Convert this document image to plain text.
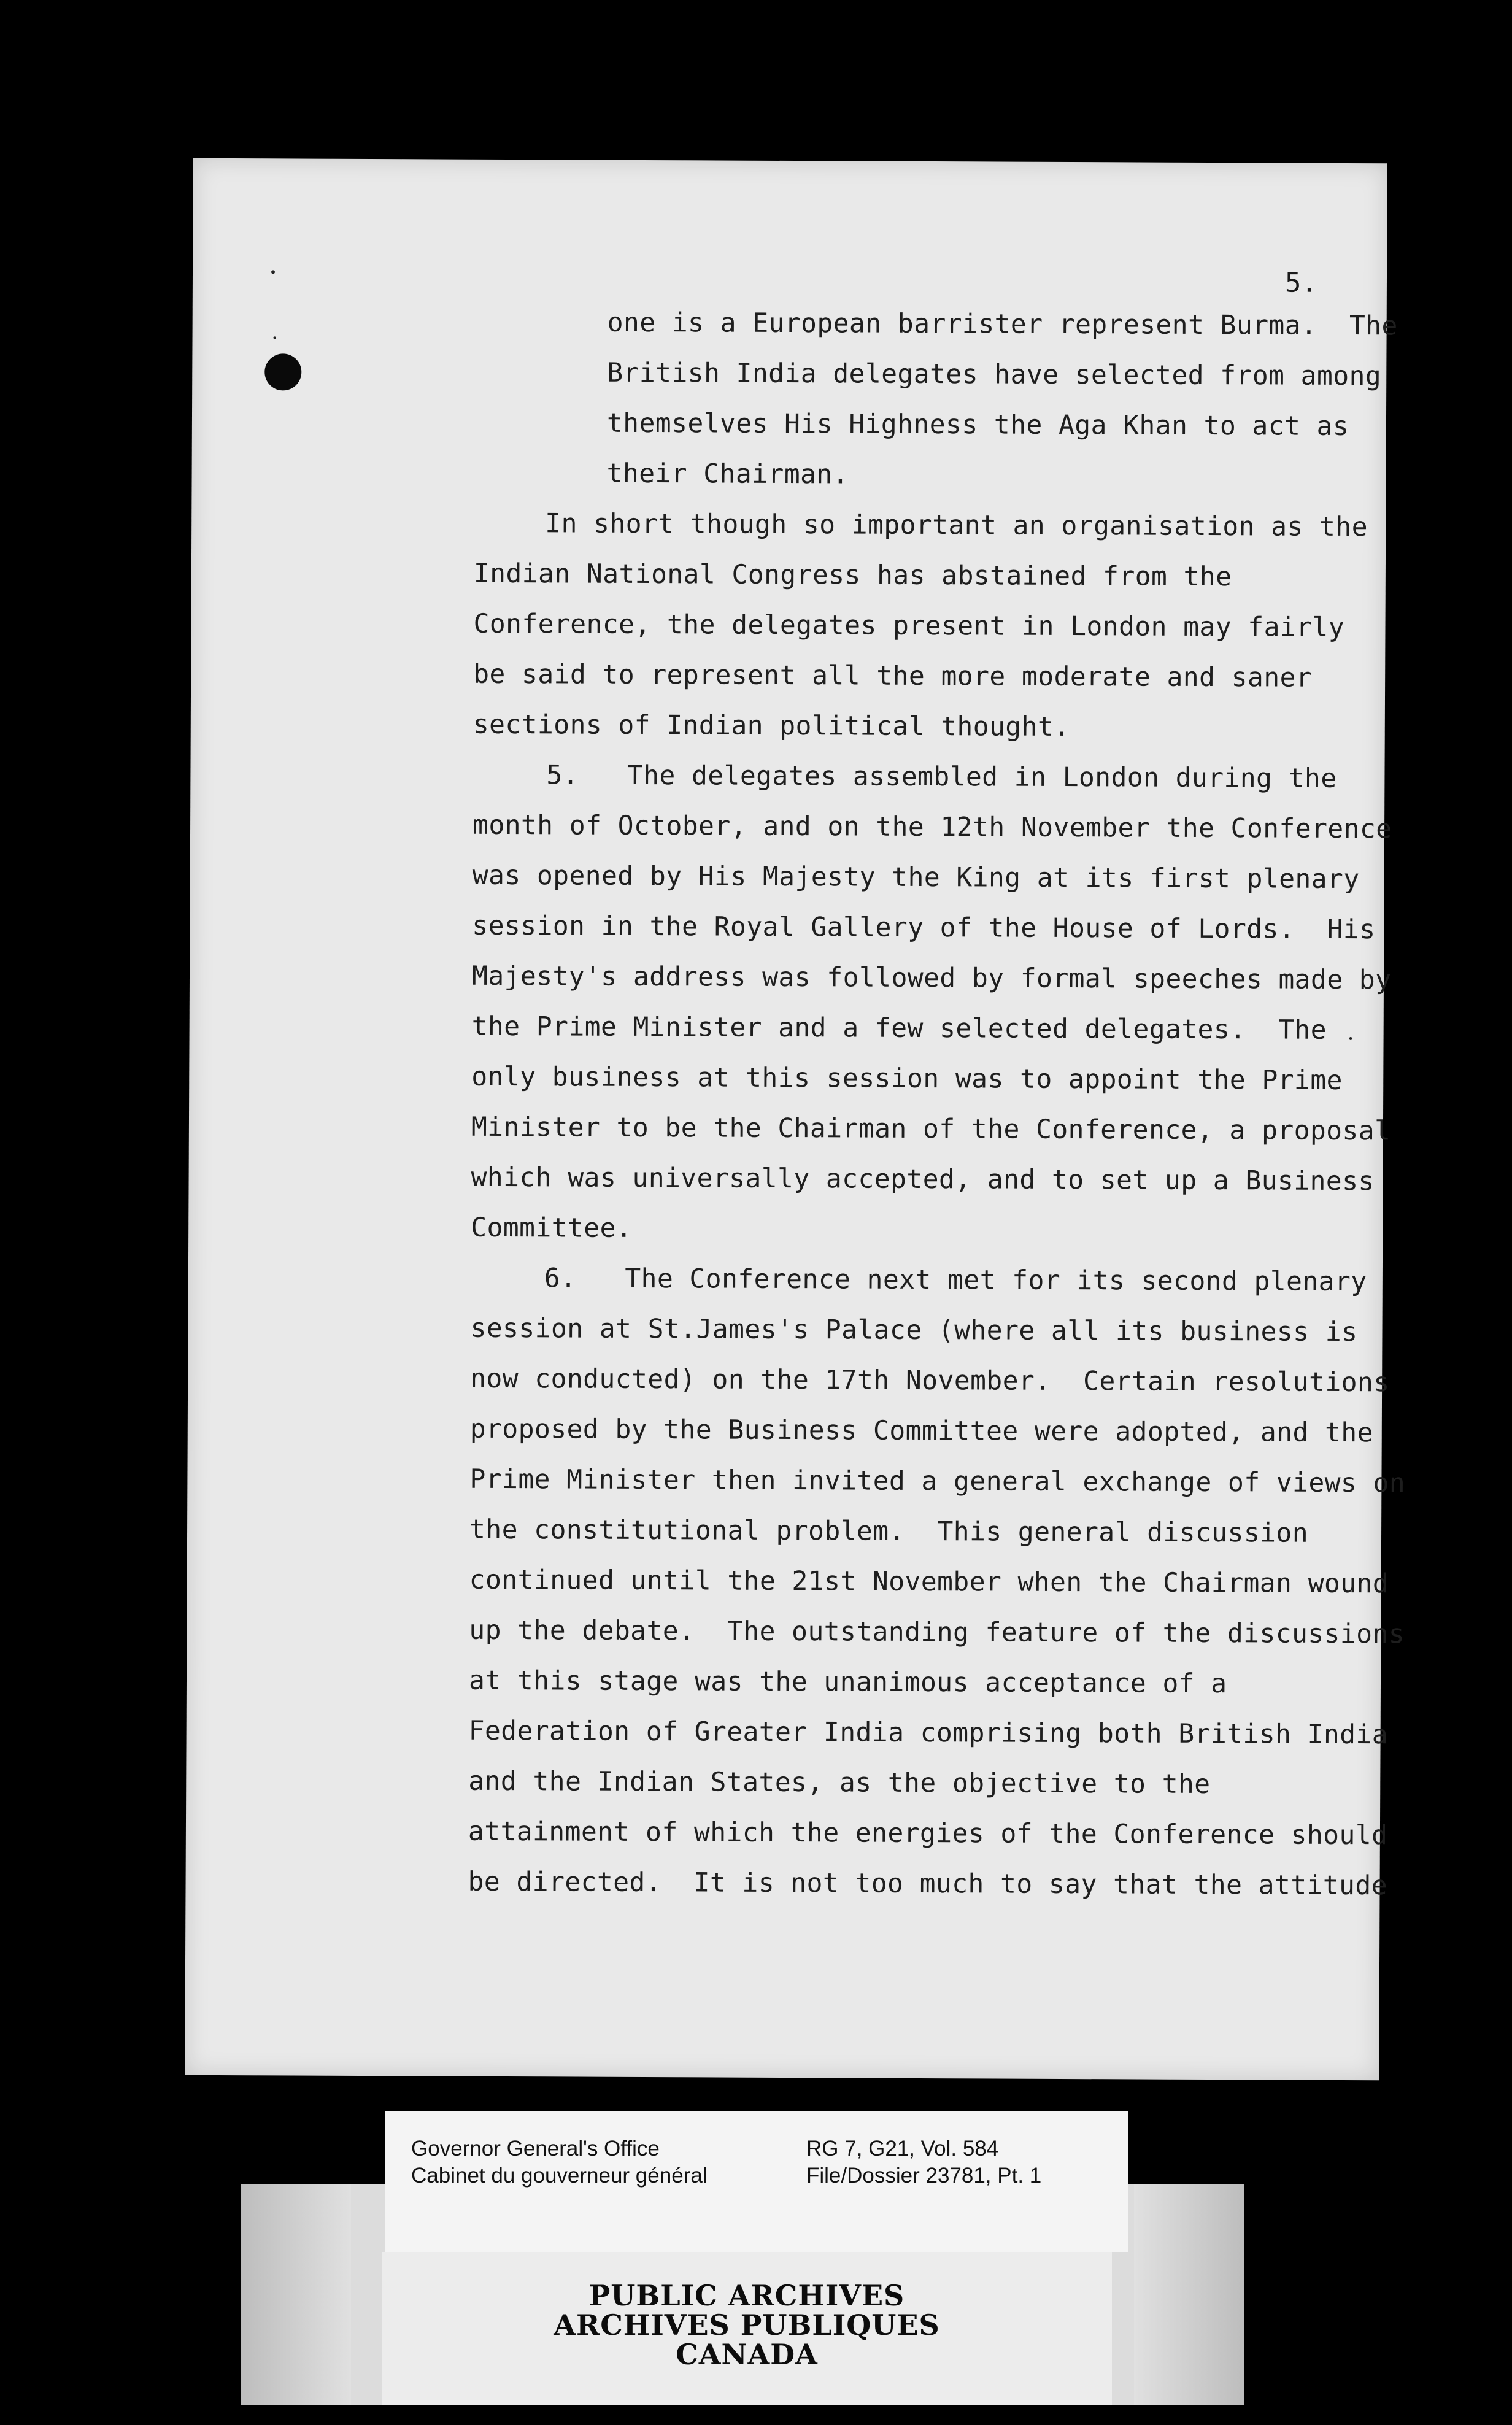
5.
one is a European barrister represent Burma.  The
British India delegates have selected from among
themselves His Highness the Aga Khan to act as
their Chairman.
In short though so important an organisation as the
Indian National Congress has abstained from the
Conference, the delegates present in London may fairly
be said to represent all the more moderate and saner
sections of Indian political thought.
5.   The delegates assembled in London during the
month of October, and on the 12th November the Conference
was opened by His Majesty the King at its first plenary
session in the Royal Gallery of the House of Lords.  His
Majesty's address was followed by formal speeches made by
the Prime Minister and a few selected delegates.  The
only business at this session was to appoint the Prime
Minister to be the Chairman of the Conference, a proposal
which was universally accepted, and to set up a Business
Committee.
6.   The Conference next met for its second plenary
session at St.James's Palace (where all its business is
now conducted) on the 17th November.  Certain resolutions
proposed by the Business Committee were adopted, and the
Prime Minister then invited a general exchange of views on
the constitutional problem.  This general discussion
continued until the 21st November when the Chairman wound
up the debate.  The outstanding feature of the discussions
at this stage was the unanimous acceptance of a
Federation of Greater India comprising both British India
and the Indian States, as the objective to the
attainment of which the energies of the Conference should
be directed.  It is not too much to say that the attitude
PUBLIC ARCHIVES
ARCHIVES PUBLIQUES
CANADA
Governor General's Office
Cabinet du gouverneur général
RG 7, G21, Vol. 584
File/Dossier 23781, Pt. 1
